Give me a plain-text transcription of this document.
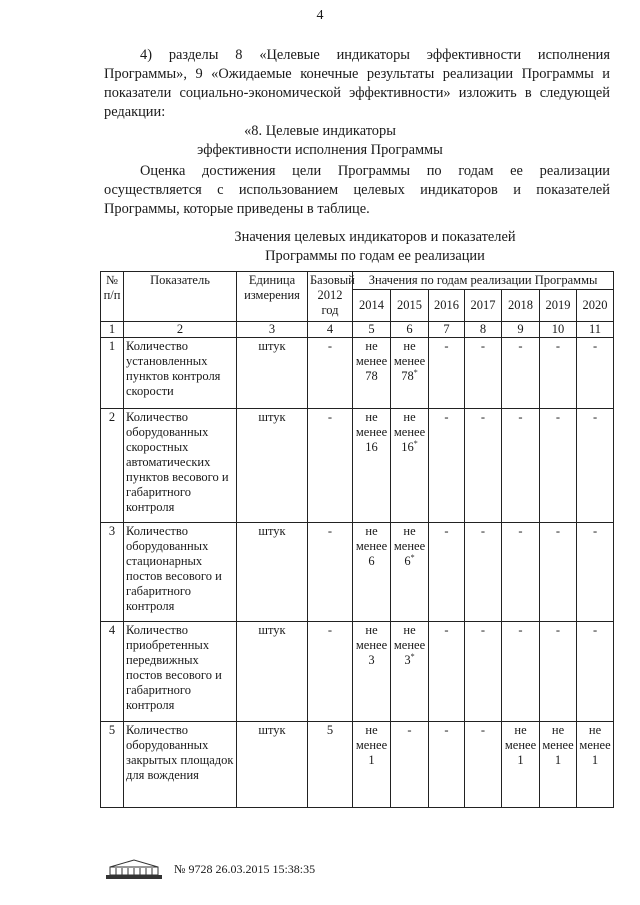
4

4) разделы 8 «Целевые индикаторы эффективности исполнения Программы», 9 «Ожидаемые конечные результаты реализации Программы и показатели социально-экономической эффективности» изложить в следующей редакции:

«8. Целевые индикаторы
эффективности исполнения Программы

Оценка достижения цели Программы по годам ее реализации осуществляется с использованием целевых индикаторов и показателей Программы, которые приведены в таблице.

Значения целевых индикаторов и показателей
Программы по годам ее реализации
№ п/п	Показатель	Единица измерения	Базовый 2012 год	Значения по годам реализации Программы						
				2014	2015	2016	2017	2018	2019	2020
1	2	3	4	5	6	7	8	9	10	11
1	Количество установленных пунктов контроля скорости	штук	-	не менее 78	не менее 78*	-	-	-	-	-
2	Количество оборудованных скоростных автоматических пунктов весового и габаритного контроля	штук	-	не менее 16	не менее 16*	-	-	-	-	-
3	Количество оборудованных стационарных постов весового и габаритного контроля	штук	-	не менее 6	не менее 6*	-	-	-	-	-
4	Количество приобретенных передвижных постов весового и габаритного контроля	штук	-	не менее 3	не менее 3*	-	-	-	-	-
5	Количество оборудованных закрытых площадок для вождения	штук	5	не менее 1	-	-	-	не менее 1	не менее 1	не менее 1
№ 9728 26.03.2015 15:38:35
